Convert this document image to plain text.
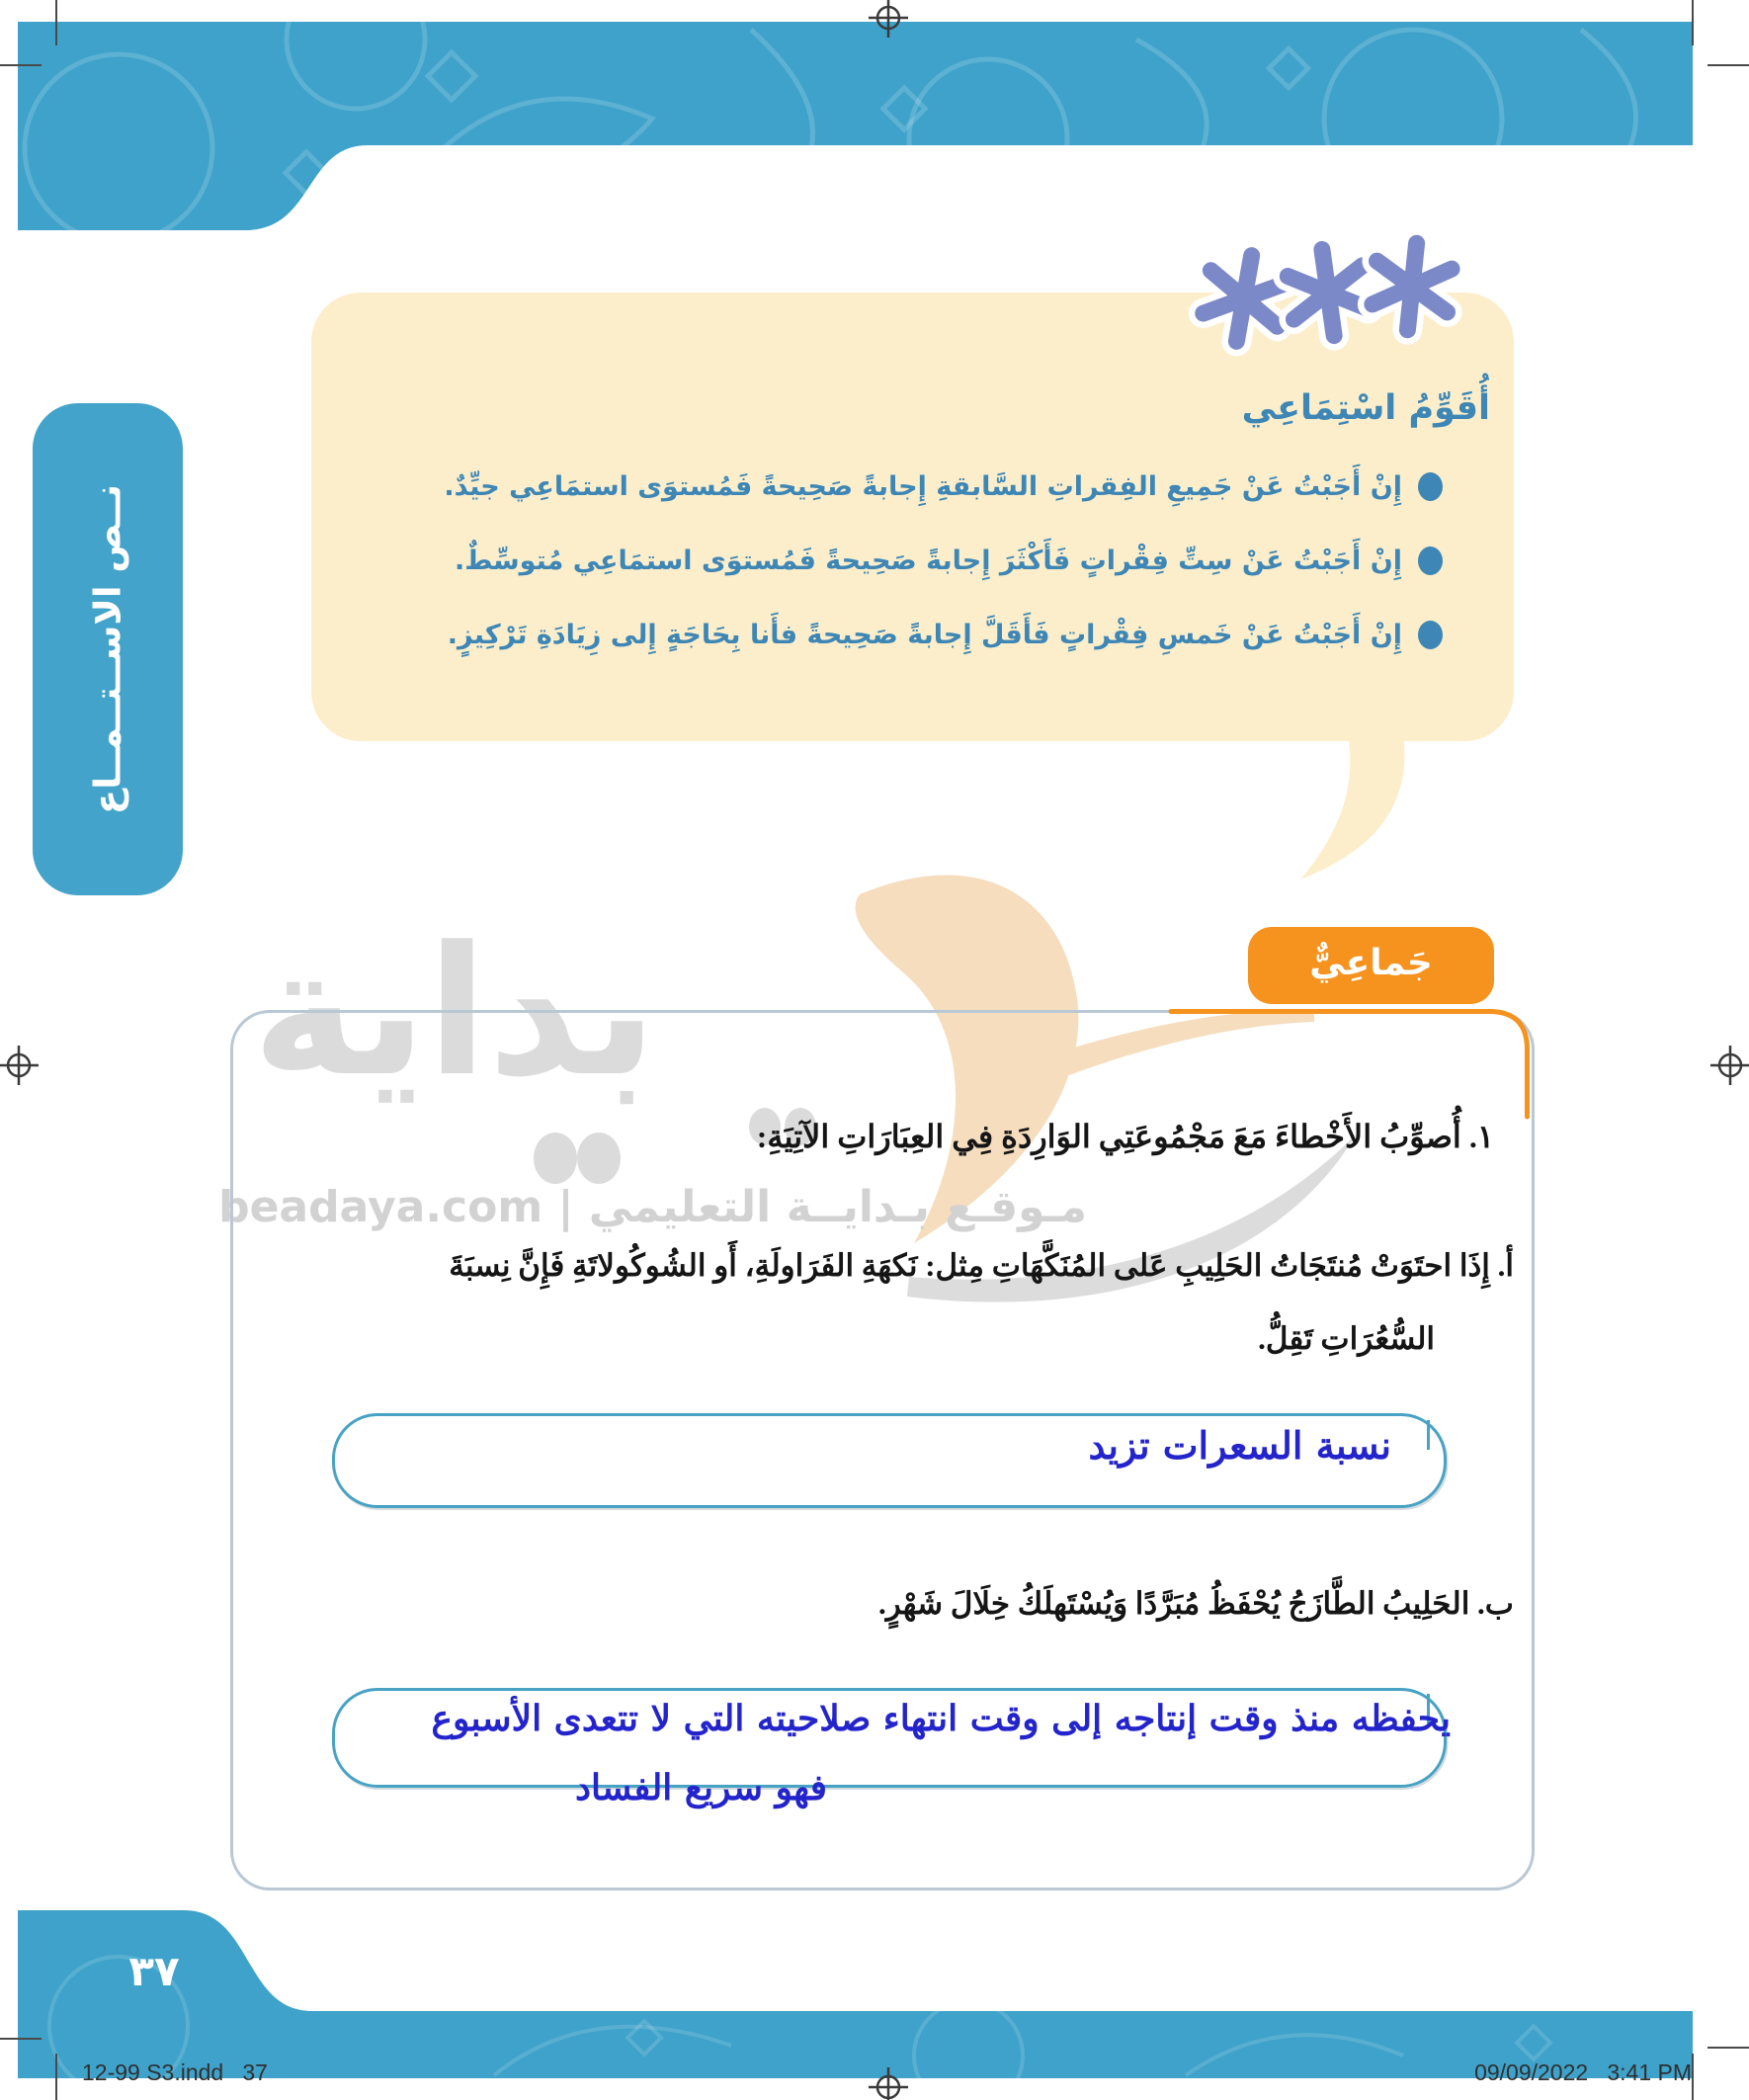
نــص الاســتــمــاع
أُقَوِّمُ اسْتِمَاعِي
إِنْ أَجَبْتُ عَنْ جَمِيعِ الفِقراتِ السَّابقةِ إِجابةً صَحِيحةً فَمُستوَى استمَاعِي جيِّدٌ.
إِنْ أَجَبْتُ عَنْ سِتِّ فِقْراتٍ فَأَكْثَرَ إِجابةً صَحِيحةً فَمُستوَى استمَاعِي مُتوسِّطٌ.
إِنْ أَجَبْتُ عَنْ خَمسِ فِقْراتٍ فَأَقَلَّ إِجابةً صَحِيحةً فأَنا بِحَاجَةٍ إِلى زِيَادَةِ تَرْكِيزٍ.
بداية
مـوقـع بـدايــة التعليمي | beadaya.com
جَماعِيٌّ
١. أُصوِّبُ الأَخْطاءَ مَعَ مَجْمُوعَتِي الوَارِدَةِ فِي العِبَارَاتِ الآتِيَةِ:
أ. إِذَا احتَوَتْ مُنتَجَاتُ الحَلِيبِ عَلى المُنَكَّهَاتِ مِثل: نَكهَةِ الفَرَاولَةِ، أَو الشُوكُولاتَةِ فَإِنَّ نِسبَةَ
السُّعُرَاتِ تَقِلُّ.
نسبة السعرات تزيد
ب. الحَلِيبُ الطَّازَجُ يُحْفَظُ مُبَرَّدًا وَيُسْتَهلَكُ خِلَالَ شَهْرٍ.
يحفظه منذ وقت إنتاجه إلى وقت انتهاء صلاحيته التي لا تتعدى الأسبوع
فهو سريع الفساد
٣٧
12-99 S3.indd   37	09/09/2022   3:41 PM
